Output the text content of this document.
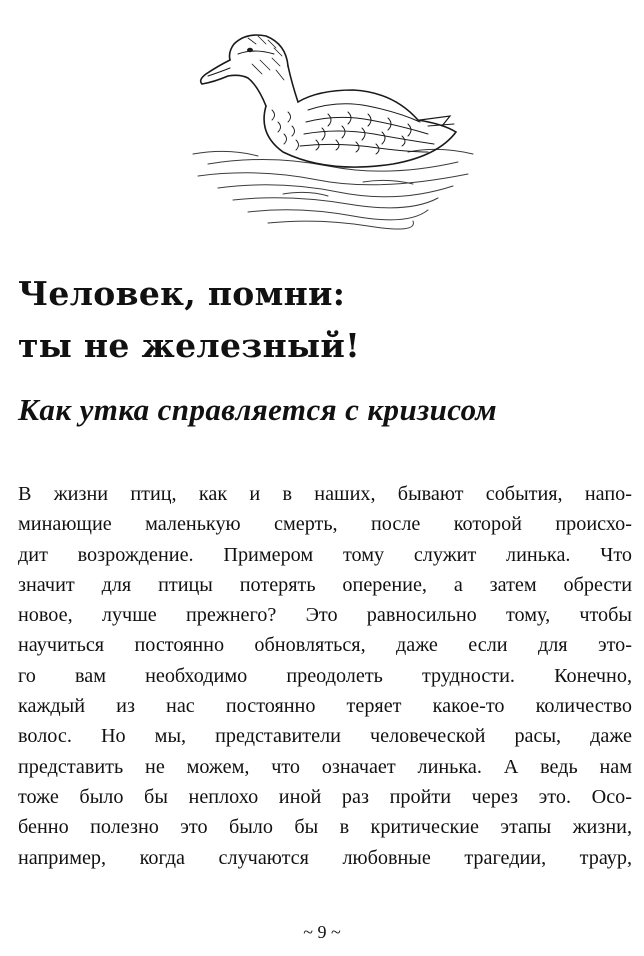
Человек, помни:
ты не железный!
Как утка справляется с кризисом
В жизни птиц, как и в наших, бывают события, напо-
минающие маленькую смерть, после которой происхо-
дит возрождение. Примером тому служит линька. Что
значит для птицы потерять оперение, а затем обрести
новое, лучше прежнего? Это равносильно тому, чтобы
научиться постоянно обновляться, даже если для это-
го вам необходимо преодолеть трудности. Конечно,
каждый из нас постоянно теряет какое-то количество
волос. Но мы, представители человеческой расы, даже
представить не можем, что означает линька. А ведь нам
тоже было бы неплохо иной раз пройти через это. Осо-
бенно полезно это было бы в критические этапы жизни,
например, когда случаются любовные трагедии, траур,
~ 9 ~
